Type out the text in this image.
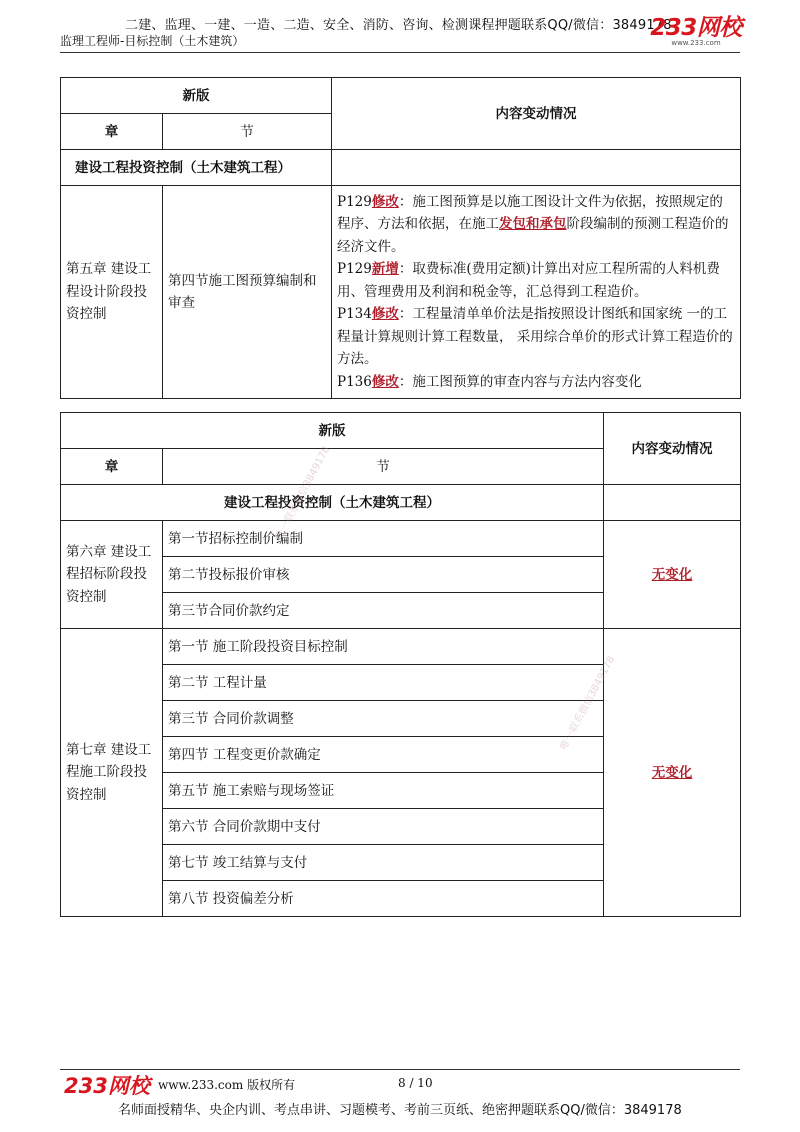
二建、监理、一建、一造、二造、安全、消防、咨询、检测课程押题联系QQ/微信：3849178
监理工程师-目标控制（土木建筑）	233网校
www.233.com
新版		内容变动情况
章	节	
建设工程投资控制（土木建筑工程）		
第五章 建设工程设计阶段投资控制	第四节施工图预算编制和审查	P129修改：施工图预算是以施工图设计文件为依据，按照规定的程序、方法和依据，在施工发包和承包阶段编制的预测工程造价的经济文件。
P129新增：取费标准(费用定额)计算出对应工程所需的人料机费用、管理费用及利润和税金等，汇总得到工程造价。
P134修改：工程量清单单价法是指按照设计图纸和国家统 一的工程量计算规则计算工程数量， 采用综合单价的形式计算工程造价的方法。
P136修改：施工图预算的审查内容与方法内容变化
新版		内容变动情况
章	节	
建设工程投资控制（土木建筑工程）		
第六章 建设工程招标阶段投资控制	第一节招标控制价编制	无变化
	第二节投标报价审核	
	第三节合同价款约定	
第七章 建设工程施工阶段投资控制	第一节 施工阶段投资目标控制	无变化
	第二节 工程计量	
	第三节 合同价款调整	
	第四节 工程变更价款确定	
	第五节 施工索赔与现场签证	
	第六节 合同价款期中支付	
	第七节 竣工结算与支付	
	第八节 投资偏差分析	
唯一联系微信3849178
唯一联系微信3849178
233网校 www.233.com 版权所有	8 / 10
名师面授精华、央企内训、考点串讲、习题模考、考前三页纸、绝密押题联系QQ/微信：3849178
